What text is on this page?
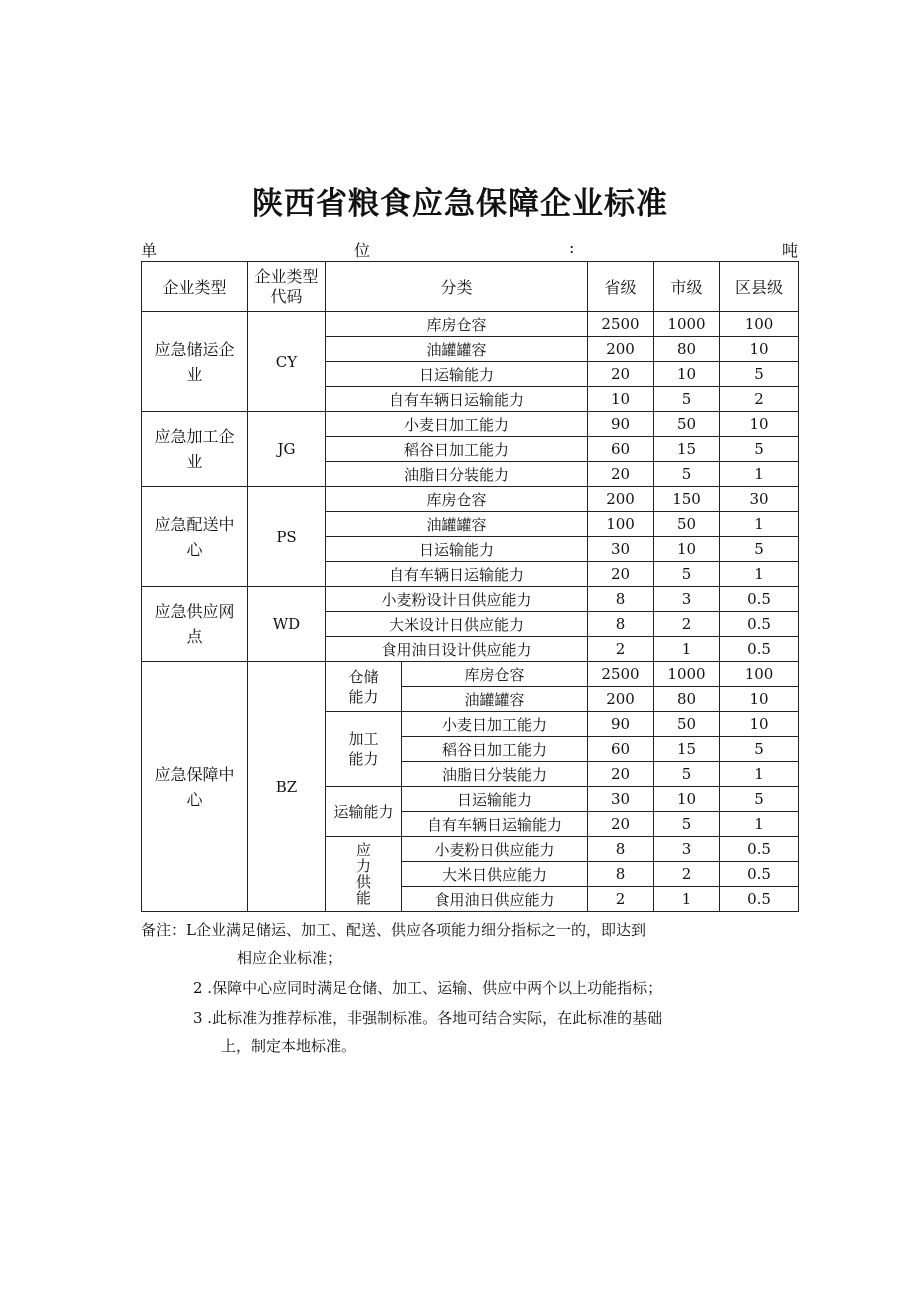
陕西省粮食应急保障企业标准
单	位	:	吨
企业类型	企业类型代码	分类		省级	市级	区县级
应急储运企业	CY	库房仓容		2500	1000	100
		油罐罐容		200	80	10
		日运输能力		20	10	5
		自有车辆日运输能力		10	5	2
应急加工企业	JG	小麦日加工能力		90	50	10
		稻谷日加工能力		60	15	5
		油脂日分装能力		20	5	1
应急配送中心	PS	库房仓容		200	150	30
		油罐罐容		100	50	1
		日运输能力		30	10	5
		自有车辆日运输能力		20	5	1
应急供应网点	WD	小麦粉设计日供应能力		8	3	0.5
		大米设计日供应能力		8	2	0.5
		食用油日设计供应能力		2	1	0.5
应急保障中心	BZ	仓储能力	库房仓容	2500	1000	100
			油罐罐容	200	80	10
		加工能力	小麦日加工能力	90	50	10
			稻谷日加工能力	60	15	5
			油脂日分装能力	20	5	1
		运输能力	日运输能力	30	10	5
			自有车辆日运输能力	20	5	1
		应力供能	小麦粉日供应能力	8	3	0.5
			大米日供应能力	8	2	0.5
			食用油日供应能力	2	1	0.5
备注：L企业满足储运、加工、配送、供应各项能力细分指标之一的，即达到
相应企业标准；
2 .保障中心应同时满足仓储、加工、运输、供应中两个以上功能指标；
3 .此标准为推荐标准，非强制标准。各地可结合实际，在此标准的基础
上，制定本地标准。
